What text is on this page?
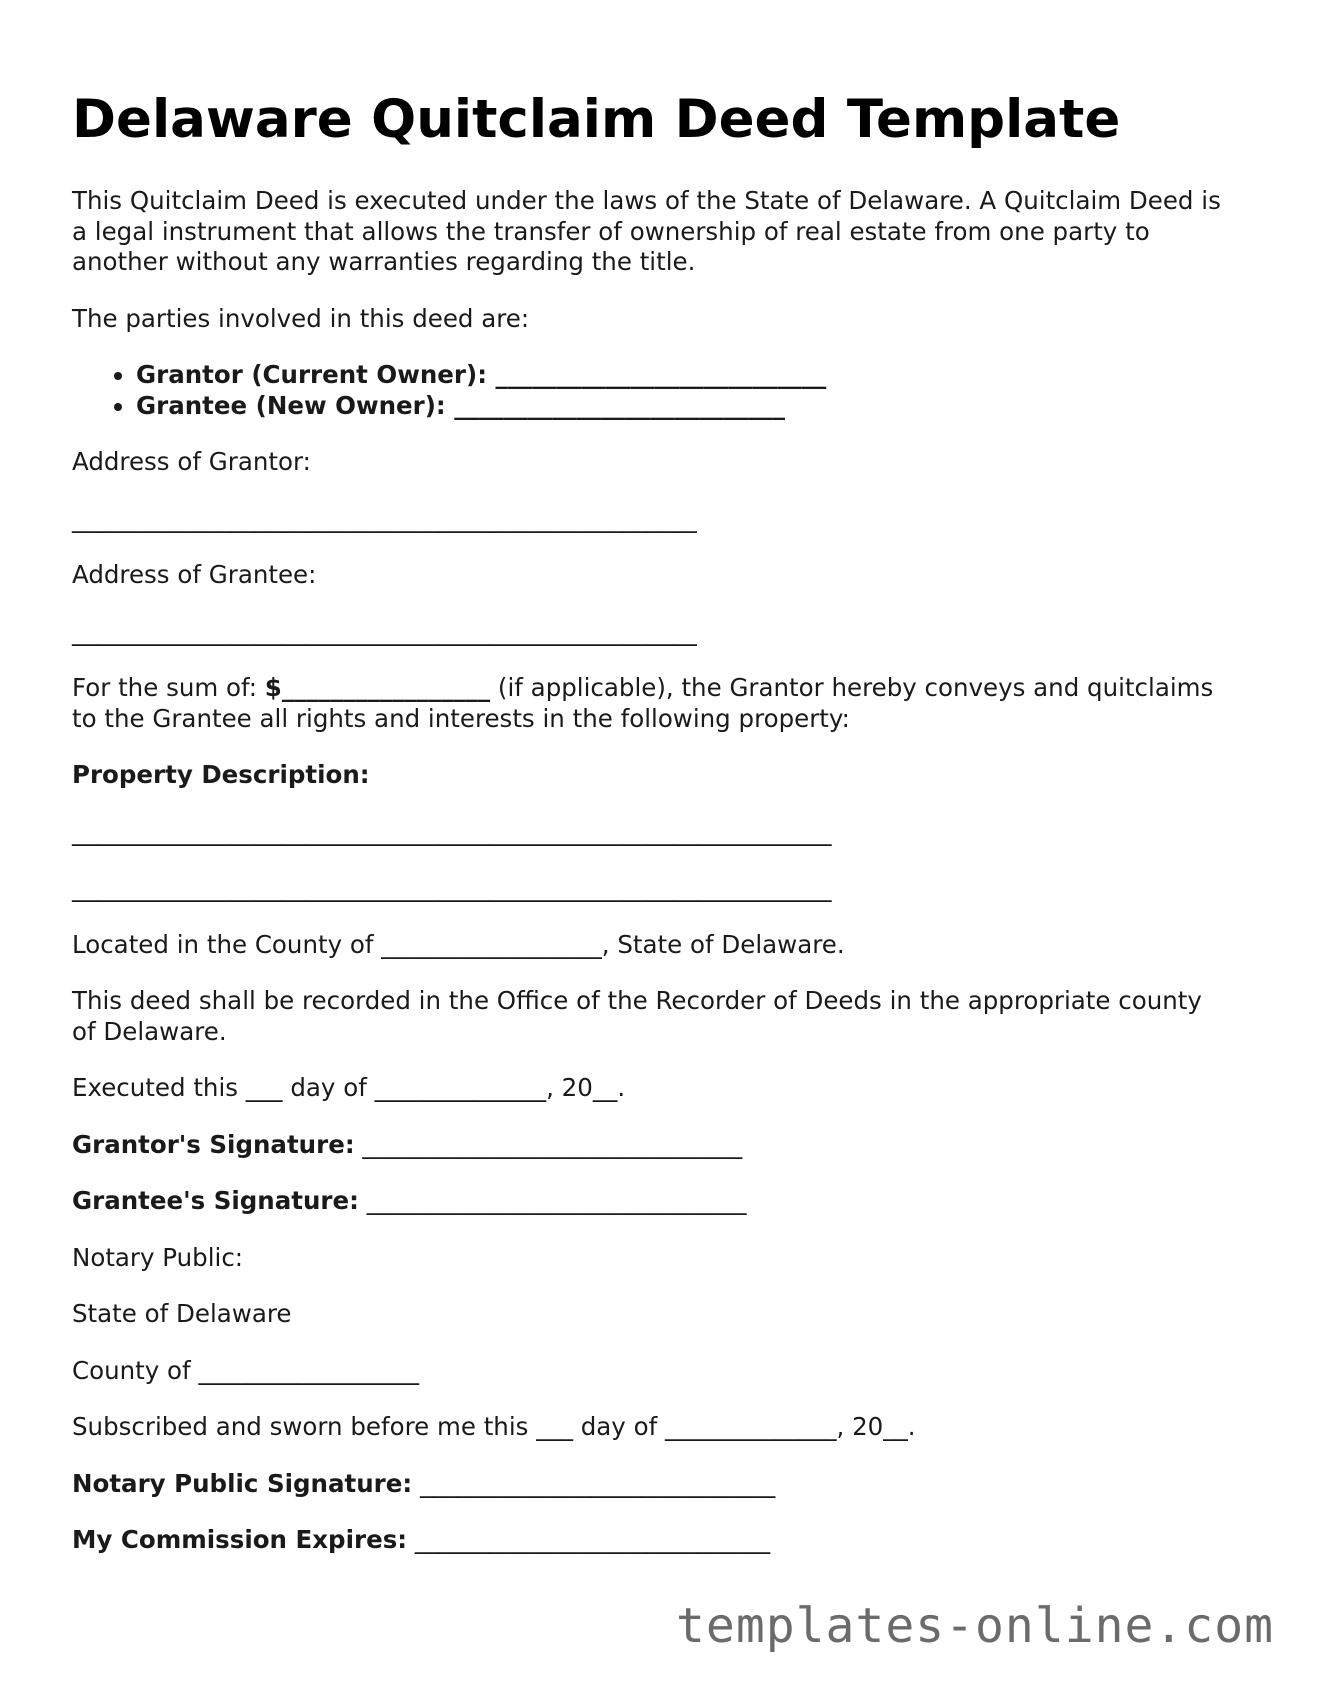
Delaware Quitclaim Deed Template

This Quitclaim Deed is executed under the laws of the State of Delaware. A Quitclaim Deed is a legal instrument that allows the transfer of ownership of real estate from one party to another without any warranties regarding the title.

The parties involved in this deed are:

• Grantor (Current Owner): ___________________________
• Grantee (New Owner): ___________________________

Address of Grantor:

___________________________________________________

Address of Grantee:

___________________________________________________

For the sum of: $_________________ (if applicable), the Grantor hereby conveys and quitclaims to the Grantee all rights and interests in the following property:

Property Description:

______________________________________________________________

______________________________________________________________

Located in the County of __________________, State of Delaware.

This deed shall be recorded in the Office of the Recorder of Deeds in the appropriate county of Delaware.

Executed this ___ day of ______________, 20__.

Grantor's Signature: _______________________________

Grantee's Signature: _______________________________

Notary Public:

State of Delaware

County of __________________

Subscribed and sworn before me this ___ day of ______________, 20__.

Notary Public Signature: _____________________________

My Commission Expires: _____________________________

templates-online.com
